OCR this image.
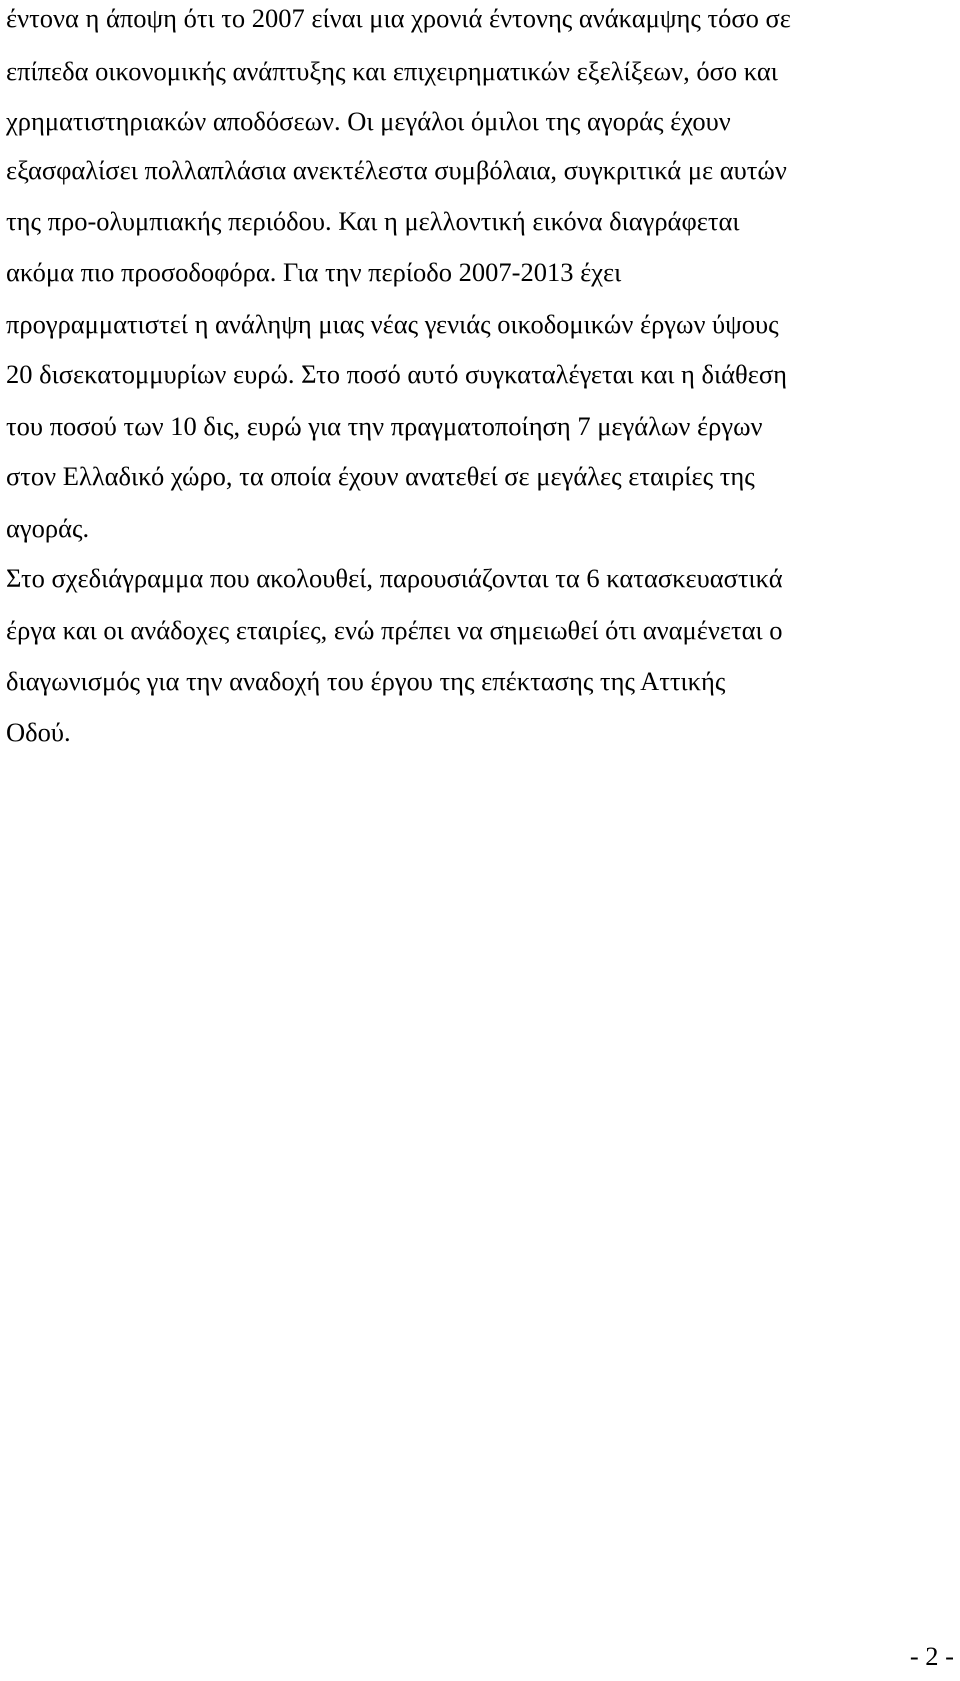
έντονα η άποψη ότι το 2007 είναι μια χρονιά έντονης ανάκαμψης τόσο σε
επίπεδα οικονομικής ανάπτυξης και επιχειρηματικών εξελίξεων, όσο και
χρηματιστηριακών αποδόσεων. Οι μεγάλοι όμιλοι της αγοράς έχουν
εξασφαλίσει πολλαπλάσια ανεκτέλεστα συμβόλαια, συγκριτικά με αυτών
της προ-ολυμπιακής περιόδου. Και η μελλοντική εικόνα διαγράφεται
ακόμα πιο προσοδοφόρα. Για την περίοδο 2007-2013 έχει
προγραμματιστεί η ανάληψη μιας νέας γενιάς οικοδομικών έργων ύψους
20 δισεκατομμυρίων ευρώ. Στο ποσό αυτό συγκαταλέγεται και η διάθεση
του ποσού των 10 δις, ευρώ για την πραγματοποίηση 7 μεγάλων έργων
στον Ελλαδικό χώρο, τα οποία έχουν ανατεθεί σε μεγάλες εταιρίες της
αγοράς.
Στο σχεδιάγραμμα που ακολουθεί, παρουσιάζονται τα 6 κατασκευαστικά
έργα και οι ανάδοχες εταιρίες, ενώ πρέπει να σημειωθεί ότι αναμένεται ο
διαγωνισμός για την αναδοχή του έργου της επέκτασης της Αττικής
Οδού.
- 2 -
